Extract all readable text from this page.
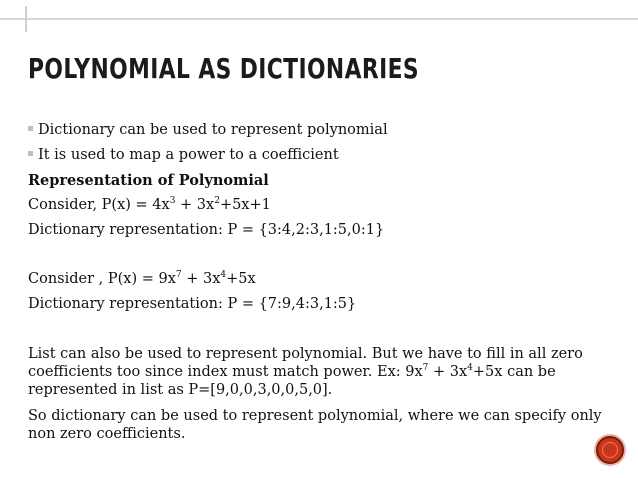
POLYNOMIAL AS DICTIONARIES
Dictionary can be used to represent polynomial
It is used to map a power to a coefficient
Representation of Polynomial
Consider, $P(x) = 4x^3 + 3x^2+5x+1$
Dictionary representation: P = {3:4,2:3,1:5,0:1}
Consider , $P(x) = 9x^7 + 3x^4+5x$
Dictionary representation: P = {7:9,4:3,1:5}
List can also be used to represent polynomial. But we have to fill in all zero coefficients too since index must match power. Ex: $9x^7 + 3x^4+5x$ can be represented in list as P=[9,0,0,3,0,0,5,0].
So dictionary can be used to represent polynomial, where we can specify only non zero coefficients.
